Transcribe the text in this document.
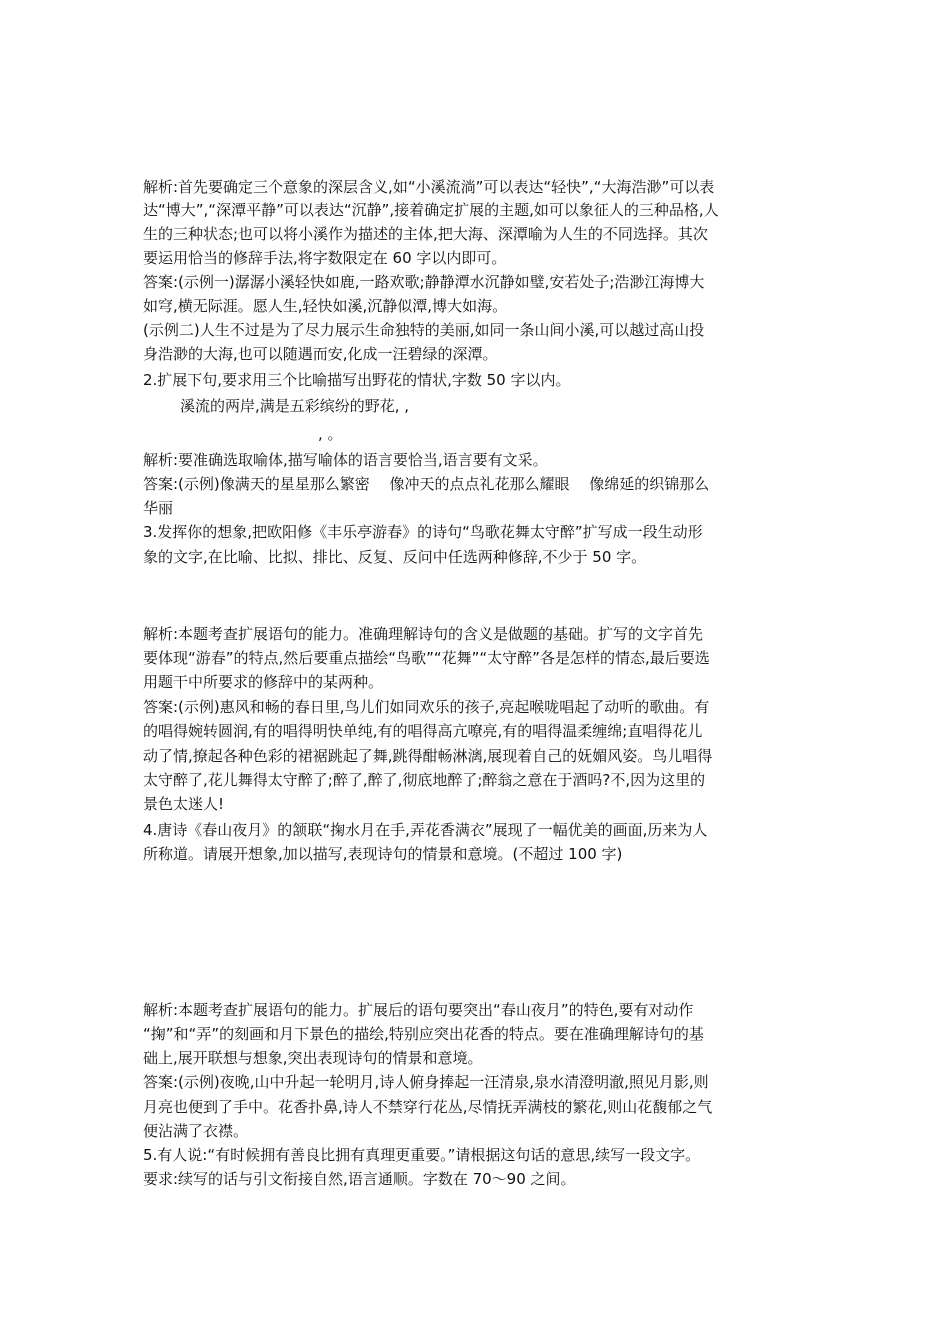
解析:首先要确定三个意象的深层含义,如“小溪流淌”可以表达“轻快”,“大海浩渺”可以表
达“博大”,“深潭平静”可以表达“沉静”,接着确定扩展的主题,如可以象征人的三种品格,人
生的三种状态;也可以将小溪作为描述的主体,把大海、深潭喻为人生的不同选择。其次
要运用恰当的修辞手法,将字数限定在 60 字以内即可。
答案:(示例一)潺潺小溪轻快如鹿,一路欢歌;静静潭水沉静如璧,安若处子;浩渺江海博大
如穹,横无际涯。愿人生,轻快如溪,沉静似潭,博大如海。
(示例二)人生不过是为了尽力展示生命独特的美丽,如同一条山间小溪,可以越过高山投
身浩渺的大海,也可以随遇而安,化成一汪碧绿的深潭。
2.扩展下句,要求用三个比喻描写出野花的情状,字数 50 字以内。
溪流的两岸,满是五彩缤纷的野花, ,
, 。
解析:要准确选取喻体,描写喻体的语言要恰当,语言要有文采。
答案:(示例)像满天的星星那么繁密　 像冲天的点点礼花那么耀眼　 像绵延的织锦那么
华丽
3.发挥你的想象,把欧阳修《丰乐亭游春》的诗句“鸟歌花舞太守醉”扩写成一段生动形
象的文字,在比喻、比拟、排比、反复、反问中任选两种修辞,不少于 50 字。
解析:本题考查扩展语句的能力。准确理解诗句的含义是做题的基础。扩写的文字首先
要体现“游春”的特点,然后要重点描绘“鸟歌”“花舞”“太守醉”各是怎样的情态,最后要选
用题干中所要求的修辞中的某两种。
答案:(示例)惠风和畅的春日里,鸟儿们如同欢乐的孩子,亮起喉咙唱起了动听的歌曲。有
的唱得婉转圆润,有的唱得明快单纯,有的唱得高亢嘹亮,有的唱得温柔缠绵;直唱得花儿
动了情,撩起各种色彩的裙裾跳起了舞,跳得酣畅淋漓,展现着自己的妩媚风姿。鸟儿唱得
太守醉了,花儿舞得太守醉了;醉了,醉了,彻底地醉了;醉翁之意在于酒吗?不,因为这里的
景色太迷人!
4.唐诗《春山夜月》的颔联“掬水月在手,弄花香满衣”展现了一幅优美的画面,历来为人
所称道。请展开想象,加以描写,表现诗句的情景和意境。(不超过 100 字)
解析:本题考查扩展语句的能力。扩展后的语句要突出“春山夜月”的特色,要有对动作
“掬”和“弄”的刻画和月下景色的描绘,特别应突出花香的特点。要在准确理解诗句的基
础上,展开联想与想象,突出表现诗句的情景和意境。
答案:(示例)夜晚,山中升起一轮明月,诗人俯身捧起一汪清泉,泉水清澄明澈,照见月影,则
月亮也便到了手中。花香扑鼻,诗人不禁穿行花丛,尽情抚弄满枝的繁花,则山花馥郁之气
便沾满了衣襟。
5.有人说:“有时候拥有善良比拥有真理更重要。”请根据这句话的意思,续写一段文字。
要求:续写的话与引文衔接自然,语言通顺。字数在 70～90 之间。
